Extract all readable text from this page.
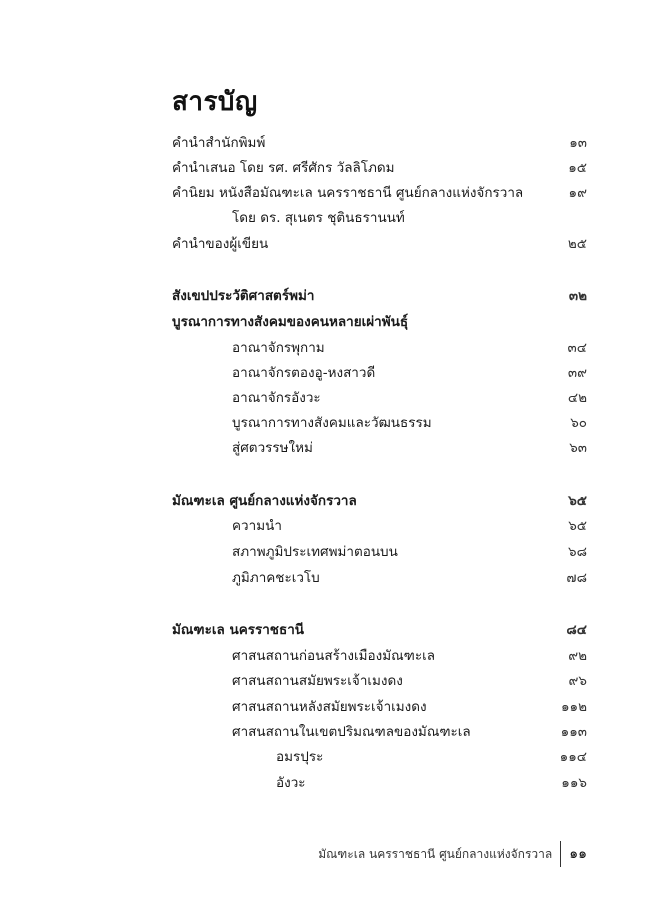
สารบัญ
คำนำสำนักพิมพ์	๑๓
คำนำเสนอ โดย รศ. ศรีศักร วัลลิโภดม	๑๕
คำนิยม หนังสือมัณฑะเล นครราชธานี ศูนย์กลางแห่งจักรวาล	๑๙
โดย ดร. สุเนตร ชุตินธรานนท์
คำนำของผู้เขียน	๒๕
สังเขปประวัติศาสตร์พม่า	๓๒
บูรณาการทางสังคมของคนหลายเผ่าพันธุ์
อาณาจักรพุกาม	๓๔
อาณาจักรตองอู-หงสาวดี	๓๙
อาณาจักรอังวะ	๔๒
บูรณาการทางสังคมและวัฒนธรรม	๖๐
สู่ศตวรรษใหม่	๖๓
มัณฑะเล ศูนย์กลางแห่งจักรวาล	๖๕
ความนำ	๖๕
สภาพภูมิประเทศพม่าตอนบน	๖๘
ภูมิภาคชะเวโบ	๗๘
มัณฑะเล นครราชธานี	๘๔
ศาสนสถานก่อนสร้างเมืองมัณฑะเล	๙๒
ศาสนสถานสมัยพระเจ้าเมงดง	๙๖
ศาสนสถานหลังสมัยพระเจ้าเมงดง	๑๑๒
ศาสนสถานในเขตปริมณฑลของมัณฑะเล	๑๑๓
อมรปุระ	๑๑๔
อังวะ	๑๑๖
มัณฑะเล นครราชธานี ศูนย์กลางแห่งจักรวาล	๑๑
